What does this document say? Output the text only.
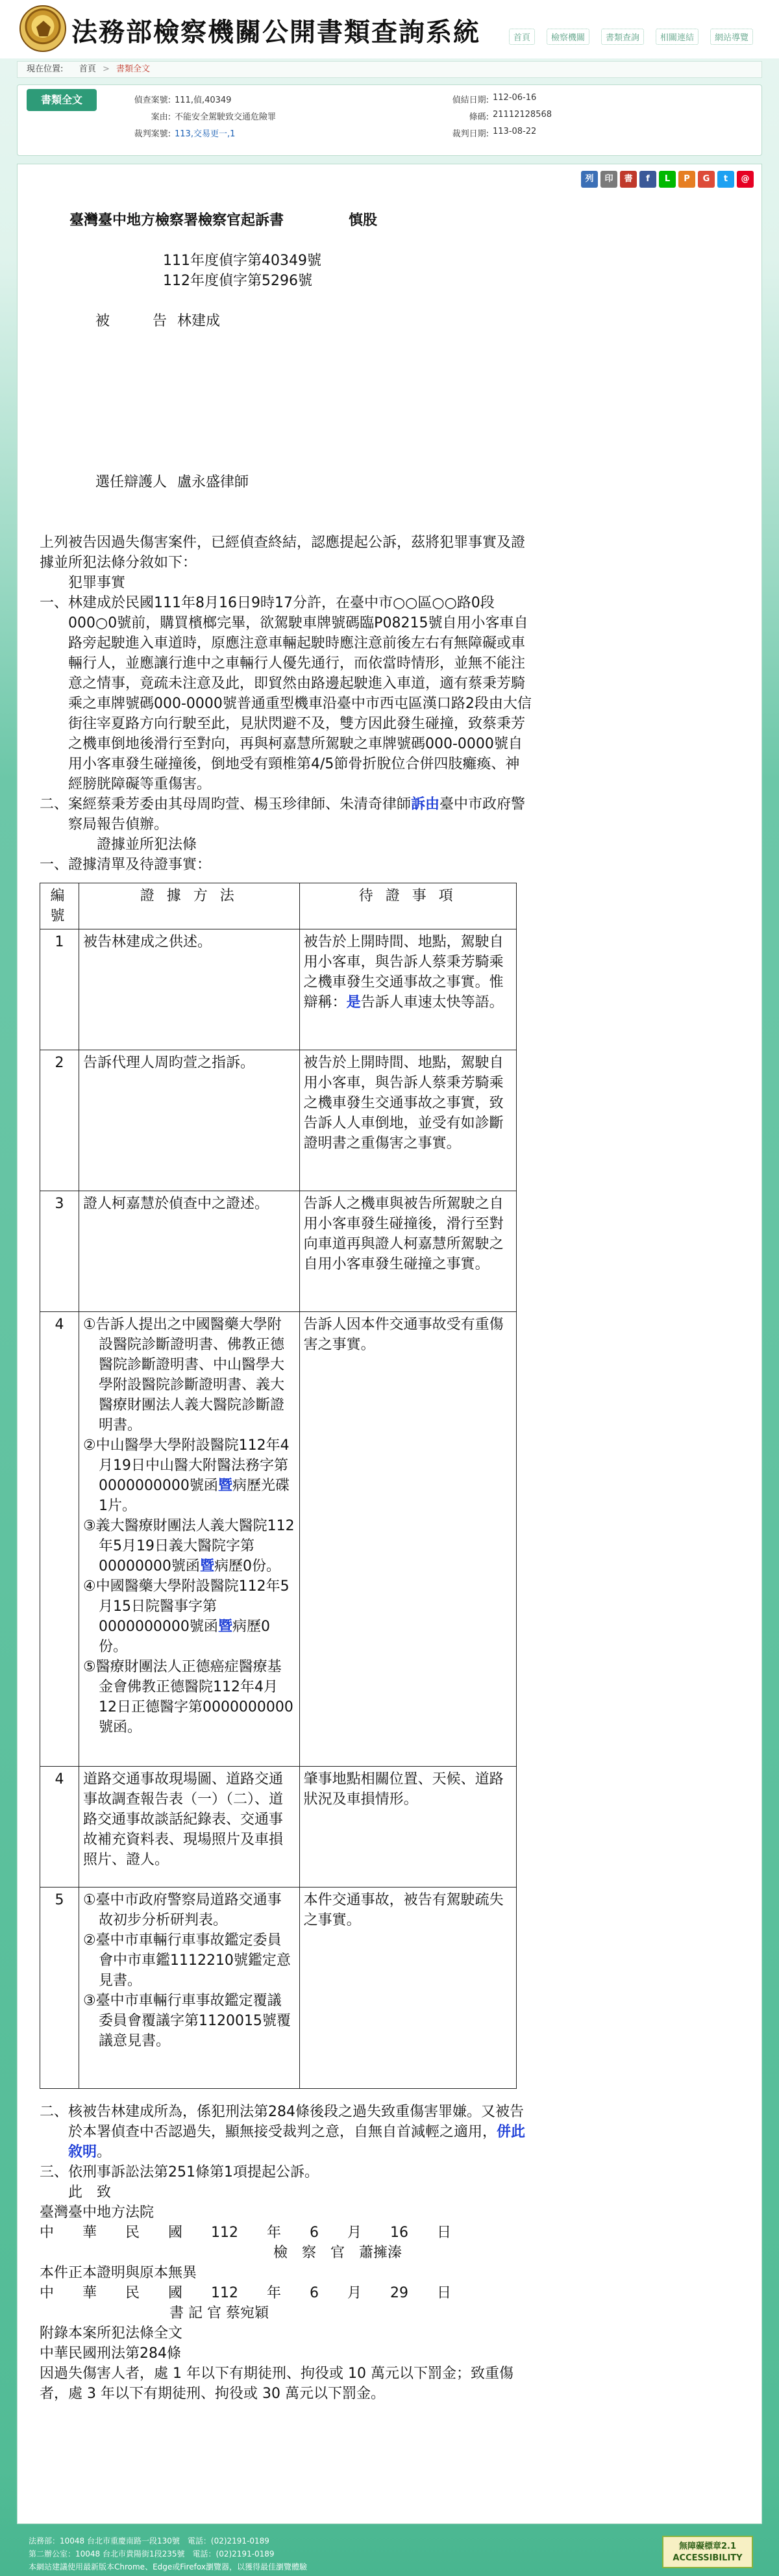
法務部檢察機關公開書類查詢系統	首頁	檢察機關	書類查詢	相關連結	網站導覽
現在位置: 首頁 > 書類全文
書類全文	偵查案號: 111,偵,40349	偵結日期: 112-06-16
案由: 不能安全駕駛致交通危險罪	條碼: 21112128568
裁判案號: 113,交易更一,1	裁判日期: 113-08-22
列	印	書	f	L	P	G	t	@

臺灣臺中地方檢察署檢察官起訴書	慎股

111年度偵字第40349號
112年度偵字第5296號

被　　　告 林建成

選任辯護人 盧永盛律師

上列被告因過失傷害案件，已經偵查終結，認應提起公訴，茲將犯罪事實及證據並所犯法條分敘如下：
犯罪事實
一、林建成於民國111年8月16日9時17分許，在臺中市○○區○○路0段000○0號前，購買檳榔完畢，欲駕駛車牌號碼臨P08215號自用小客車自路旁起駛進入車道時，原應注意車輛起駛時應注意前後左右有無障礙或車輛行人，並應讓行進中之車輛行人優先通行，而依當時情形，並無不能注意之情事，竟疏未注意及此，即貿然由路邊起駛進入車道，適有蔡秉芳騎乘之車牌號碼000-0000號普通重型機車沿臺中市西屯區漢口路2段由大信街往宰夏路方向行駛至此，見狀閃避不及，雙方因此發生碰撞，致蔡秉芳之機車倒地後滑行至對向，再與柯嘉慧所駕駛之車牌號碼000-0000號自用小客車發生碰撞後，倒地受有頸椎第4/5節骨折脫位合併四肢癱瘓、神經膀胱障礙等重傷害。
二、案經蔡秉芳委由其母周昀萱、楊玉珍律師、朱清奇律師訴由臺中市政府警察局報告偵辦。
證據並所犯法條
一、證據清單及待證事實：
編號	證 據 方 法	待 證 事 項
1	被告林建成之供述。	被告於上開時間、地點，駕駛自用小客車，與告訴人蔡秉芳騎乘之機車發生交通事故之事實。惟辯稱：是告訴人車速太快等語。
2	告訴代理人周昀萱之指訴。	被告於上開時間、地點，駕駛自用小客車，與告訴人蔡秉芳騎乘之機車發生交通事故之事實，致告訴人人車倒地，並受有如診斷證明書之重傷害之事實。
3	證人柯嘉慧於偵查中之證述。	告訴人之機車與被告所駕駛之自用小客車發生碰撞後，滑行至對向車道再與證人柯嘉慧所駕駛之自用小客車發生碰撞之事實。
4	①告訴人提出之中國醫藥大學附設醫院診斷證明書、佛教正德醫院診斷證明書、中山醫學大學附設醫院診斷證明書、義大醫療財團法人義大醫院診斷證明書。
②中山醫學大學附設醫院112年4月19日中山醫大附醫法務字第0000000000號函暨病歷光碟1片。
③義大醫療財團法人義大醫院112年5月19日義大醫院字第00000000號函暨病歷0份。
④中國醫藥大學附設醫院112年5月15日院醫事字第0000000000號函暨病歷0份。
⑤醫療財團法人正德癌症醫療基金會佛教正德醫院112年4月12日正德醫字第0000000000號函。	告訴人因本件交通事故受有重傷害之事實。
4	道路交通事故現場圖、道路交通事故調查報告表（一）（二）、道路交通事故談話紀錄表、交通事故補充資料表、現場照片及車損照片、證人。	肇事地點相關位置、天候、道路狀況及車損情形。
5	①臺中市政府警察局道路交通事故初步分析研判表。
②臺中市車輛行車事故鑑定委員會中市車鑑1112210號鑑定意見書。
③臺中市車輛行車事故鑑定覆議委員會覆議字第1120015號覆議意見書。	本件交通事故，被告有駕駛疏失之事實。
二、核被告林建成所為，係犯刑法第284條後段之過失致重傷害罪嫌。又被告於本署偵查中否認過失，顯無接受裁判之意，自無自首減輕之適用，併此敘明。
三、依刑事訴訟法第251條第1項提起公訴。
此　致
臺灣臺中地方法院
中　　華　　民　　國　　112　　年　　6　　月　　16　　日
檢　察　官　蕭擁溱
本件正本證明與原本無異
中　　華　　民　　國　　112　　年　　6　　月　　29　　日
書 記 官 蔡宛穎
附錄本案所犯法條全文
中華民國刑法第284條
因過失傷害人者，處 1 年以下有期徒刑、拘役或 10 萬元以下罰金；致重傷者，處 3 年以下有期徒刑、拘役或 30 萬元以下罰金。
法務部：10048 台北市重慶南路一段130號　電話：(02)2191-0189
第二辦公室：10048 台北市貴陽街1段235號　電話：(02)2191-0189
本網站建議使用最新版本Chrome、Edge或Firefox瀏覽器，以獲得最佳瀏覽體驗
無障礙標章2.1
ACCESSIBILITY
